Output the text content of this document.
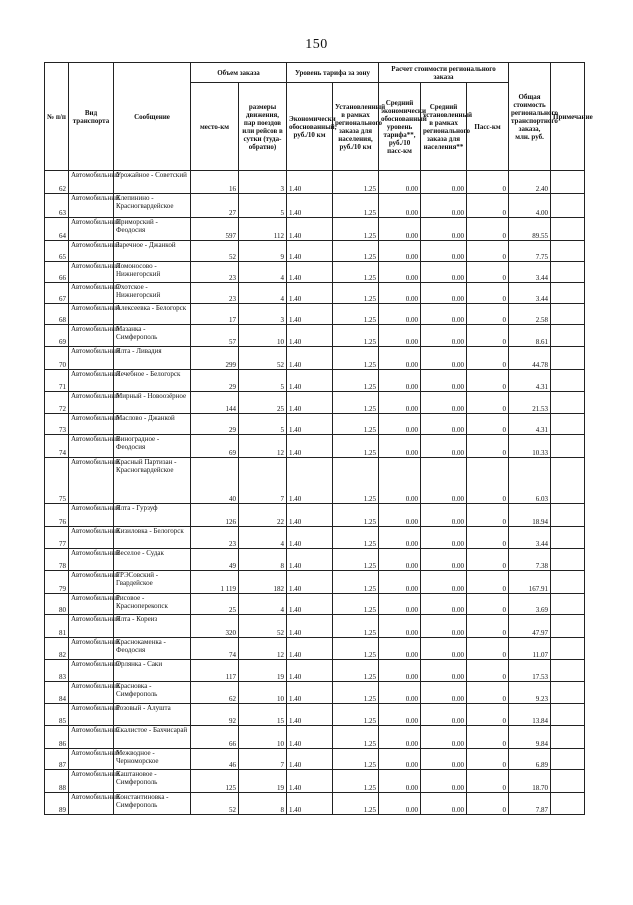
150
№ п/п	Вид транспорта	Сообщение	Объем заказа		Уровень тарифа за зону		Расчет стоимости регионального заказа			Общая стоимость регионального транспортного заказа, млн. руб.	Примечание
			место-км	размеры движения, пар поездов или рейсов в сутки (туда-обратно)	Экономически обоснованный, руб./10 км	Установленный в рамках регионального заказа для населения, руб./10 км	Средний экономически обоснованный уровень тарифа**, руб./10 пасс-км	Средний установленный в рамках регионального заказа для населения**	Пасс-км		
62	Автомобильный	Урожайное - Советский	16	3	1.40	1.25	0.00	0.00	0	2.40	
63	Автомобильный	Клепинино - Красногвардейское	27	5	1.40	1.25	0.00	0.00	0	4.00	
64	Автомобильный	Приморский - Феодосия	597	112	1.40	1.25	0.00	0.00	0	89.55	
65	Автомобильный	Заречное - Джанкой	52	9	1.40	1.25	0.00	0.00	0	7.75	
66	Автомобильный	Ломоносово - Нижнегорский	23	4	1.40	1.25	0.00	0.00	0	3.44	
67	Автомобильный	Охотское - Нижнегорский	23	4	1.40	1.25	0.00	0.00	0	3.44	
68	Автомобильный	Алексеевка - Белогорск	17	3	1.40	1.25	0.00	0.00	0	2.58	
69	Автомобильный	Мазанка - Симферополь	57	10	1.40	1.25	0.00	0.00	0	8.61	
70	Автомобильный	Ялта - Ливадия	299	52	1.40	1.25	0.00	0.00	0	44.78	
71	Автомобильный	Лечебное - Белогорск	29	5	1.40	1.25	0.00	0.00	0	4.31	
72	Автомобильный	Мирный - Новоозёрное	144	25	1.40	1.25	0.00	0.00	0	21.53	
73	Автомобильный	Маслово - Джанкой	29	5	1.40	1.25	0.00	0.00	0	4.31	
74	Автомобильный	Виноградное - Феодосия	69	12	1.40	1.25	0.00	0.00	0	10.33	
75	Автомобильный	Красный Партизан - Красногвардейское	40	7	1.40	1.25	0.00	0.00	0	6.03	
76	Автомобильный	Ялта - Гурзуф	126	22	1.40	1.25	0.00	0.00	0	18.94	
77	Автомобильный	Кизиловка - Белогорск	23	4	1.40	1.25	0.00	0.00	0	3.44	
78	Автомобильный	Веселое - Судак	49	8	1.40	1.25	0.00	0.00	0	7.38	
79	Автомобильный	ГРЭСовский - Гвардейское	1 119	182	1.40	1.25	0.00	0.00	0	167.91	
80	Автомобильный	Рисовое - Краснoперекопск	25	4	1.40	1.25	0.00	0.00	0	3.69	
81	Автомобильный	Ялта - Кореиз	320	52	1.40	1.25	0.00	0.00	0	47.97	
82	Автомобильный	Краснокаменка - Феодосия	74	12	1.40	1.25	0.00	0.00	0	11.07	
83	Автомобильный	Орлянка - Саки	117	19	1.40	1.25	0.00	0.00	0	17.53	
84	Автомобильный	Красновка - Симферополь	62	10	1.40	1.25	0.00	0.00	0	9.23	
85	Автомобильный	Розовый - Алушта	92	15	1.40	1.25	0.00	0.00	0	13.84	
86	Автомобильный	Скалистое - Бахчисарай	66	10	1.40	1.25	0.00	0.00	0	9.84	
87	Автомобильный	Межводное - Черноморское	46	7	1.40	1.25	0.00	0.00	0	6.89	
88	Автомобильный	Каштановое - Симферополь	125	19	1.40	1.25	0.00	0.00	0	18.70	
89	Автомобильный	Константиновка - Симферополь	52	8	1.40	1.25	0.00	0.00	0	7.87	
